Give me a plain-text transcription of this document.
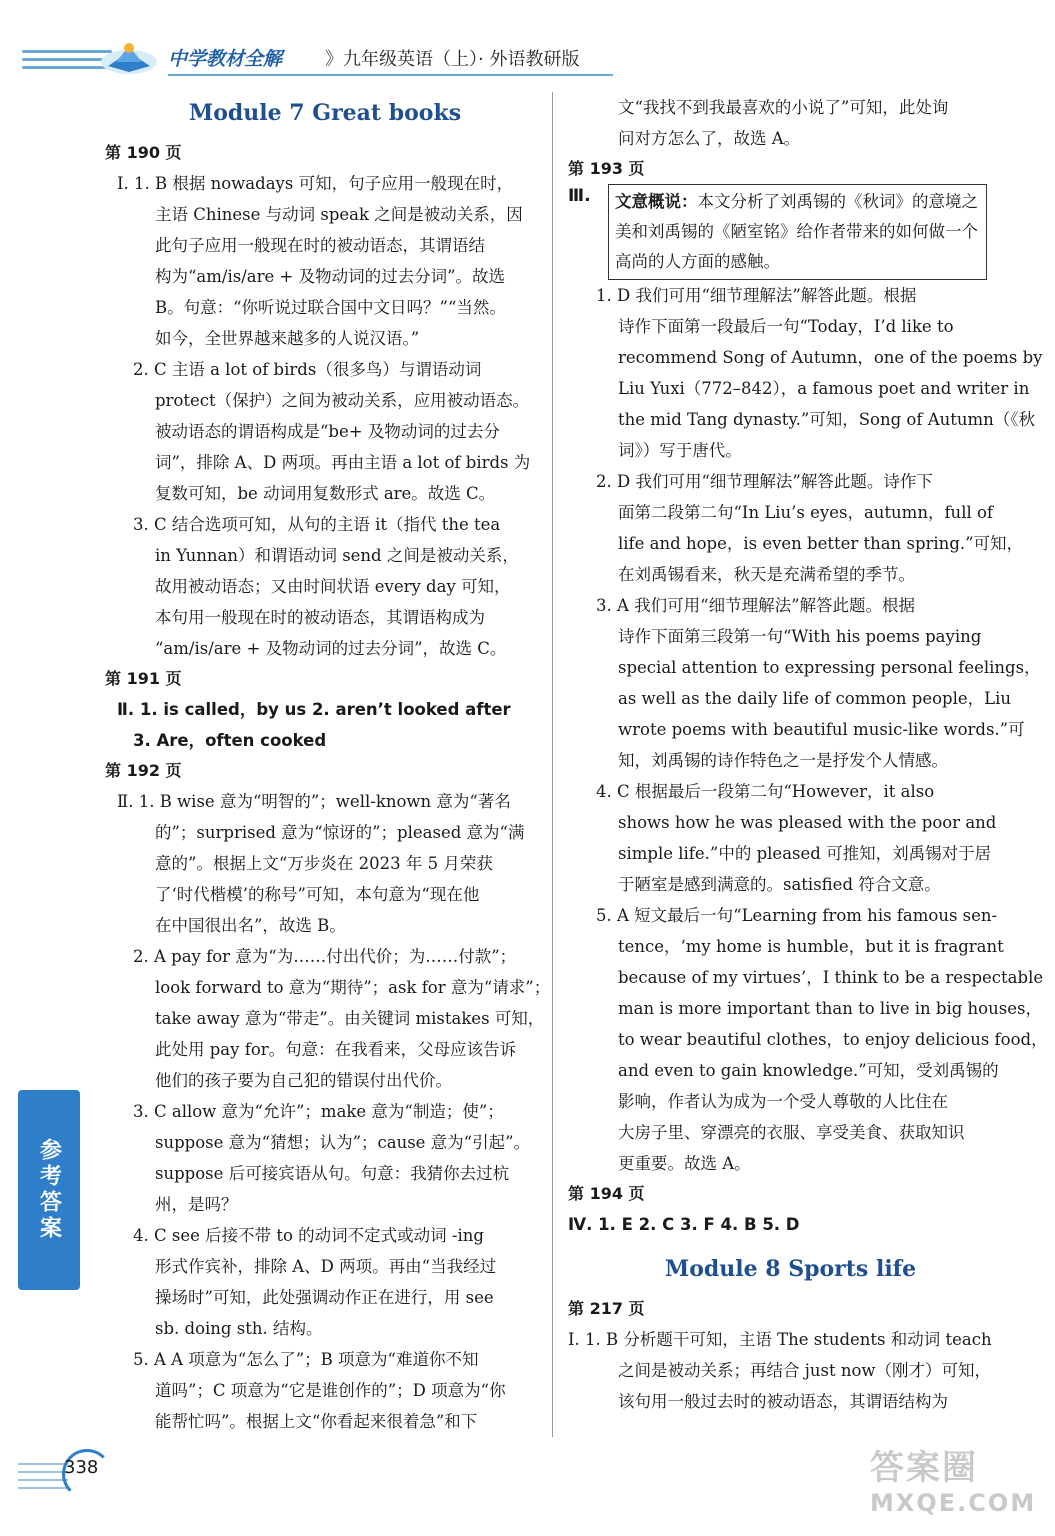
中学教材全解 》九年级英语（上）· 外语教研版
Module 7 Great books
第 190 页
Ⅰ. 1. B 根据 nowadays 可知，句子应用一般现在时，
主语 Chinese 与动词 speak 之间是被动关系，因
此句子应用一般现在时的被动语态，其谓语结
构为“am/is/are + 及物动词的过去分词”。故选
B。句意：“你听说过联合国中文日吗？”“当然。
如今，全世界越来越多的人说汉语。”
2. C 主语 a lot of birds（很多鸟）与谓语动词
protect（保护）之间为被动关系，应用被动语态。
被动语态的谓语构成是“be+ 及物动词的过去分
词”，排除 A、D 两项。再由主语 a lot of birds 为
复数可知，be 动词用复数形式 are。故选 C。
3. C 结合选项可知，从句的主语 it（指代 the tea
in Yunnan）和谓语动词 send 之间是被动关系，
故用被动语态；又由时间状语 every day 可知，
本句用一般现在时的被动语态，其谓语构成为
“am/is/are + 及物动词的过去分词”，故选 C。
第 191 页
Ⅱ. 1. is called，by us 2. aren’t looked after
3. Are，often cooked
第 192 页
Ⅱ. 1. B wise 意为“明智的”；well-known 意为“著名
的”；surprised 意为“惊讶的”；pleased 意为“满
意的”。根据上文“万步炎在 2023 年 5 月荣获
了‘时代楷模’的称号”可知，本句意为“现在他
在中国很出名”，故选 B。
2. A pay for 意为“为……付出代价；为……付款”；
look forward to 意为“期待”；ask for 意为“请求”；
take away 意为“带走”。由关键词 mistakes 可知，
此处用 pay for。句意：在我看来，父母应该告诉
他们的孩子要为自己犯的错误付出代价。
3. C allow 意为“允许”；make 意为“制造；使”；
suppose 意为“猜想；认为”；cause 意为“引起”。
suppose 后可接宾语从句。句意：我猜你去过杭
州，是吗？
4. C see 后接不带 to 的动词不定式或动词 -ing
形式作宾补，排除 A、D 两项。再由“当我经过
操场时”可知，此处强调动作正在进行，用 see
sb. doing sth. 结构。
5. A A 项意为“怎么了”；B 项意为“难道你不知
道吗”；C 项意为“它是谁创作的”；D 项意为“你
能帮忙吗”。根据上文“你看起来很着急”和下
文“我找不到我最喜欢的小说了”可知，此处询
问对方怎么了，故选 A。
第 193 页
Ⅲ.	文意概说：本文分析了刘禹锡的《秋词》的意境之
美和刘禹锡的《陋室铭》给作者带来的如何做一个
高尚的人方面的感触。
1. D 我们可用“细节理解法”解答此题。根据
诗作下面第一段最后一句“Today，I’d like to
recommend Song of Autumn，one of the poems by
Liu Yuxi（772–842），a famous poet and writer in
the mid Tang dynasty.”可知，Song of Autumn（《秋
词》）写于唐代。
2. D 我们可用“细节理解法”解答此题。诗作下
面第二段第二句“In Liu’s eyes，autumn，full of
life and hope，is even better than spring.”可知，
在刘禹锡看来，秋天是充满希望的季节。
3. A 我们可用“细节理解法”解答此题。根据
诗作下面第三段第一句“With his poems paying
special attention to expressing personal feelings，
as well as the daily life of common people，Liu
wrote poems with beautiful music-like words.”可
知，刘禹锡的诗作特色之一是抒发个人情感。
4. C 根据最后一段第二句“However，it also
shows how he was pleased with the poor and
simple life.”中的 pleased 可推知，刘禹锡对于居
于陋室是感到满意的。satisfied 符合文意。
5. A 短文最后一句“Learning from his famous sen-
tence，‘my home is humble，but it is fragrant
because of my virtues’，I think to be a respectable
man is more important than to live in big houses，
to wear beautiful clothes，to enjoy delicious food，
and even to gain knowledge.”可知，受刘禹锡的
影响，作者认为成为一个受人尊敬的人比住在
大房子里、穿漂亮的衣服、享受美食、获取知识
更重要。故选 A。
第 194 页
Ⅳ. 1. E 2. C 3. F 4. B 5. D
Module 8 Sports life
第 217 页
Ⅰ. 1. B 分析题干可知，主语 The students 和动词 teach
之间是被动关系；再结合 just now（刚才）可知，
该句用一般过去时的被动语态，其谓语结构为
参考答案
338	答案圈
MXQE.COM
